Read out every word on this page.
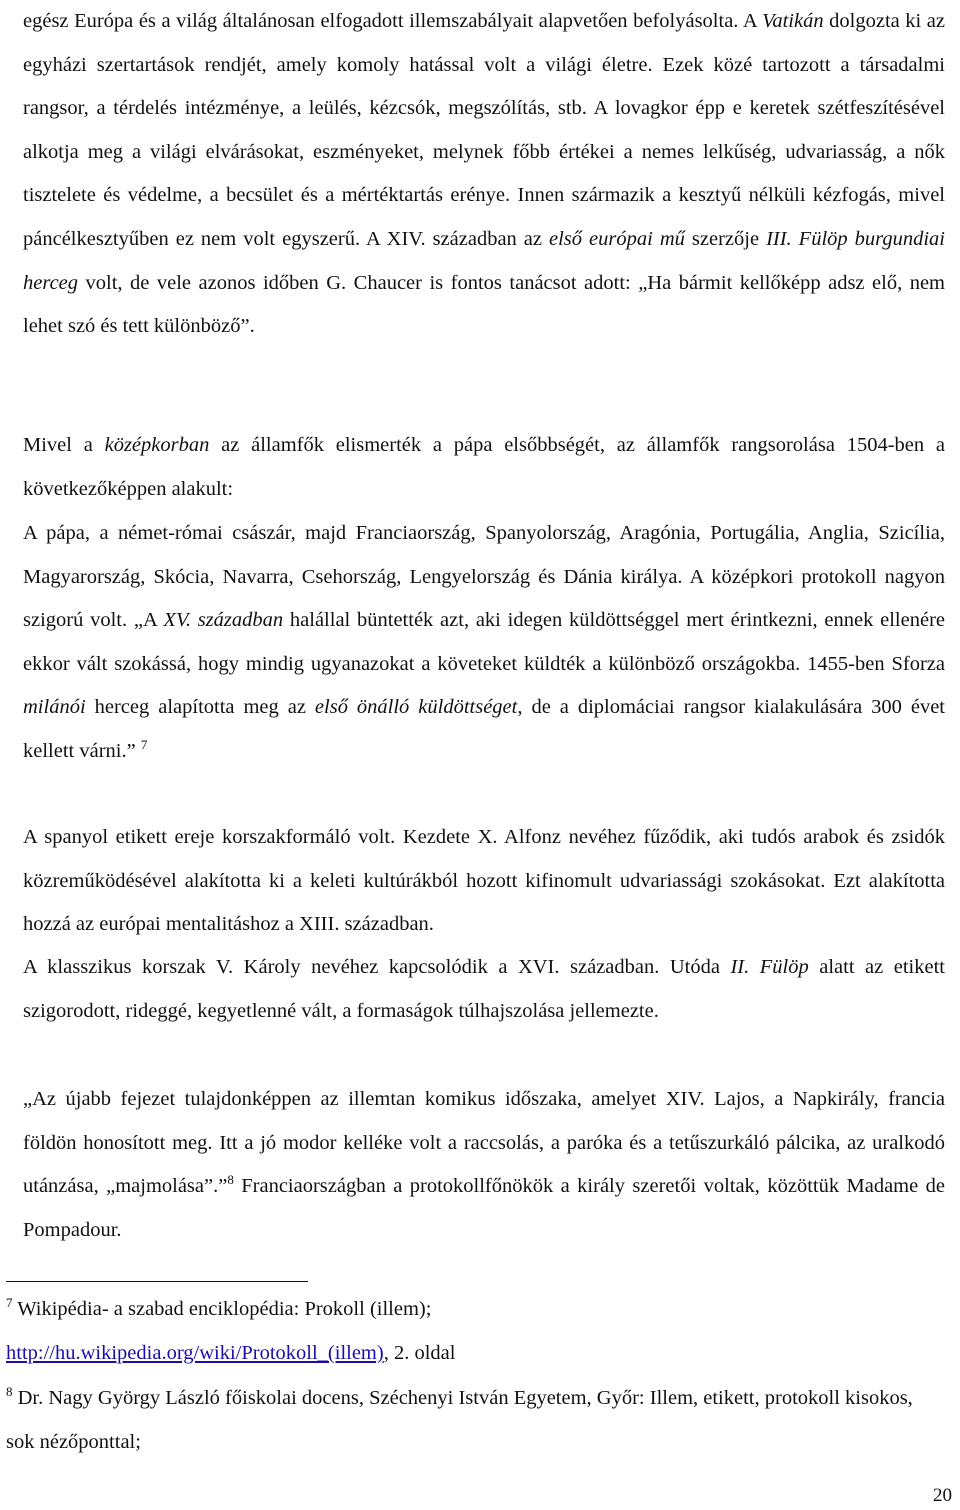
egész Európa és a világ általánosan elfogadott illemszabályait alapvetően befolyásolta. A Vatikán dolgozta ki az egyházi szertartások rendjét, amely komoly hatással volt a világi életre. Ezek közé tartozott a társadalmi rangsor, a térdelés intézménye, a leülés, kézcsók, megszólítás, stb. A lovagkor épp e keretek szétfeszítésével alkotja meg a világi elvárásokat, eszményeket, melynek főbb értékei a nemes lelkűség, udvariasság, a nők tisztelete és védelme, a becsület és a mértéktartás erénye. Innen származik a kesztyű nélküli kézfogás, mivel páncélkesztyűben ez nem volt egyszerű. A XIV. században az első európai mű szerzője III. Fülöp burgundiai herceg volt, de vele azonos időben G. Chaucer is fontos tanácsot adott: „Ha bármit kellőképp adsz elő, nem lehet szó és tett különböző”.

Mivel a középkorban az államfők elismerték a pápa elsőbbségét, az államfők rangsorolása 1504-ben a következőképpen alakult:

A pápa, a német-római császár, majd Franciaország, Spanyolország, Aragónia, Portugália, Anglia, Szicília, Magyarország, Skócia, Navarra, Csehország, Lengyelország és Dánia királya. A középkori protokoll nagyon szigorú volt. „A XV. században halállal büntették azt, aki idegen küldöttséggel mert érintkezni, ennek ellenére ekkor vált szokássá, hogy mindig ugyanazokat a követeket küldték a különböző országokba. 1455-ben Sforza milánói herceg alapította meg az első önálló küldöttséget, de a diplomáciai rangsor kialakulására 300 évet kellett várni.” $^7$

A spanyol etikett ereje korszakformáló volt. Kezdete X. Alfonz nevéhez fűződik, aki tudós arabok és zsidók közreműködésével alakította ki a keleti kultúrákból hozott kifinomult udvariassági szokásokat. Ezt alakította hozzá az európai mentalitáshoz a XIII. században.

A klasszikus korszak V. Károly nevéhez kapcsolódik a XVI. században. Utóda II. Fülöp alatt az etikett szigorodott, rideggé, kegyetlenné vált, a formaságok túlhajszolása jellemezte.

„Az újabb fejezet tulajdonképpen az illemtan komikus időszaka, amelyet XIV. Lajos, a Napkirály, francia földön honosított meg. Itt a jó modor kelléke volt a raccsolás, a paróka és a tetűszurkáló pálcika, az uralkodó utánzása, „majmolása”.”$^8$ Franciaországban a protokollfőnökök a király szeretői voltak, közöttük Madame de Pompadour.

$^7$ Wikipédia- a szabad enciklopédia: Prokoll (illem);
http://hu.wikipedia.org/wiki/Protokoll_(illem), 2. oldal

$^8$ Dr. Nagy György László főiskolai docens, Széchenyi István Egyetem, Győr: Illem, etikett, protokoll kisokos, sok nézőponttal;

20
